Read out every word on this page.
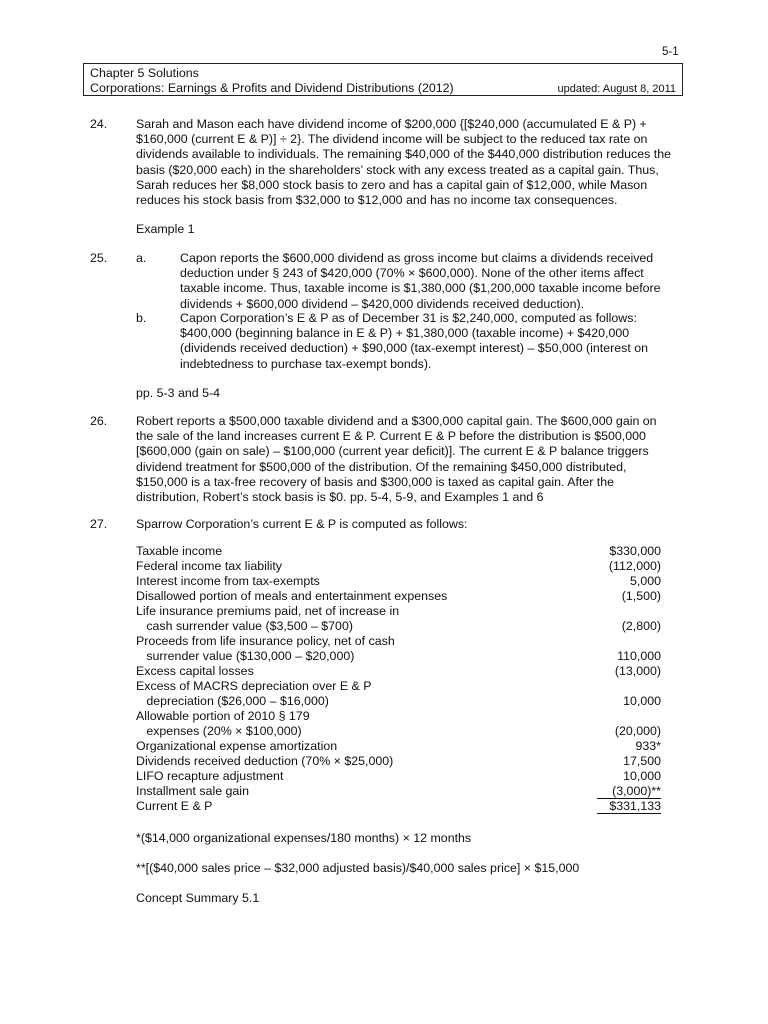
5-1
Chapter 5 Solutions
Corporations: Earnings & Profits and Dividend Distributions (2012)	updated: August 8, 2011
24. Sarah and Mason each have dividend income of $200,000 {[$240,000 (accumulated E & P) +
$160,000 (current E & P)] ÷ 2}. The dividend income will be subject to the reduced tax rate on
dividends available to individuals. The remaining $40,000 of the $440,000 distribution reduces the
basis ($20,000 each) in the shareholders’ stock with any excess treated as a capital gain. Thus,
Sarah reduces her $8,000 stock basis to zero and has a capital gain of $12,000, while Mason
reduces his stock basis from $32,000 to $12,000 and has no income tax consequences.
Example 1
25. a.	Capon reports the $600,000 dividend as gross income but claims a dividends received
deduction under § 243 of $420,000 (70% × $600,000). None of the other items affect
taxable income. Thus, taxable income is $1,380,000 ($1,200,000 taxable income before
dividends + $600,000 dividend – $420,000 dividends received deduction).
b.	Capon Corporation’s E & P as of December 31 is $2,240,000, computed as follows:
$400,000 (beginning balance in E & P) + $1,380,000 (taxable income) + $420,000
(dividends received deduction) + $90,000 (tax-exempt interest) – $50,000 (interest on
indebtedness to purchase tax-exempt bonds).
pp. 5-3 and 5-4
26. Robert reports a $500,000 taxable dividend and a $300,000 capital gain. The $600,000 gain on
the sale of the land increases current E & P. Current E & P before the distribution is $500,000
[$600,000 (gain on sale) – $100,000 (current year deficit)]. The current E & P balance triggers
dividend treatment for $500,000 of the distribution. Of the remaining $450,000 distributed,
$150,000 is a tax-free recovery of basis and $300,000 is taxed as capital gain. After the
distribution, Robert’s stock basis is $0. pp. 5-4, 5-9, and Examples 1 and 6
27. Sparrow Corporation’s current E & P is computed as follows:
Taxable income	$330,000
Federal income tax liability	(112,000)
Interest income from tax-exempts	5,000
Disallowed portion of meals and entertainment expenses	(1,500)
Life insurance premiums paid, net of increase in
cash surrender value ($3,500 – $700)	(2,800)
Proceeds from life insurance policy, net of cash
surrender value ($130,000 – $20,000)	110,000
Excess capital losses	(13,000)
Excess of MACRS depreciation over E & P
depreciation ($26,000 – $16,000)	10,000
Allowable portion of 2010 § 179
expenses (20% × $100,000)	(20,000)
Organizational expense amortization	933*
Dividends received deduction (70% × $25,000)	17,500
LIFO recapture adjustment	10,000
Installment sale gain	(3,000)**
Current E & P	$331,133
*($14,000 organizational expenses/180 months) × 12 months
**[($40,000 sales price – $32,000 adjusted basis)/$40,000 sales price] × $15,000
Concept Summary 5.1
